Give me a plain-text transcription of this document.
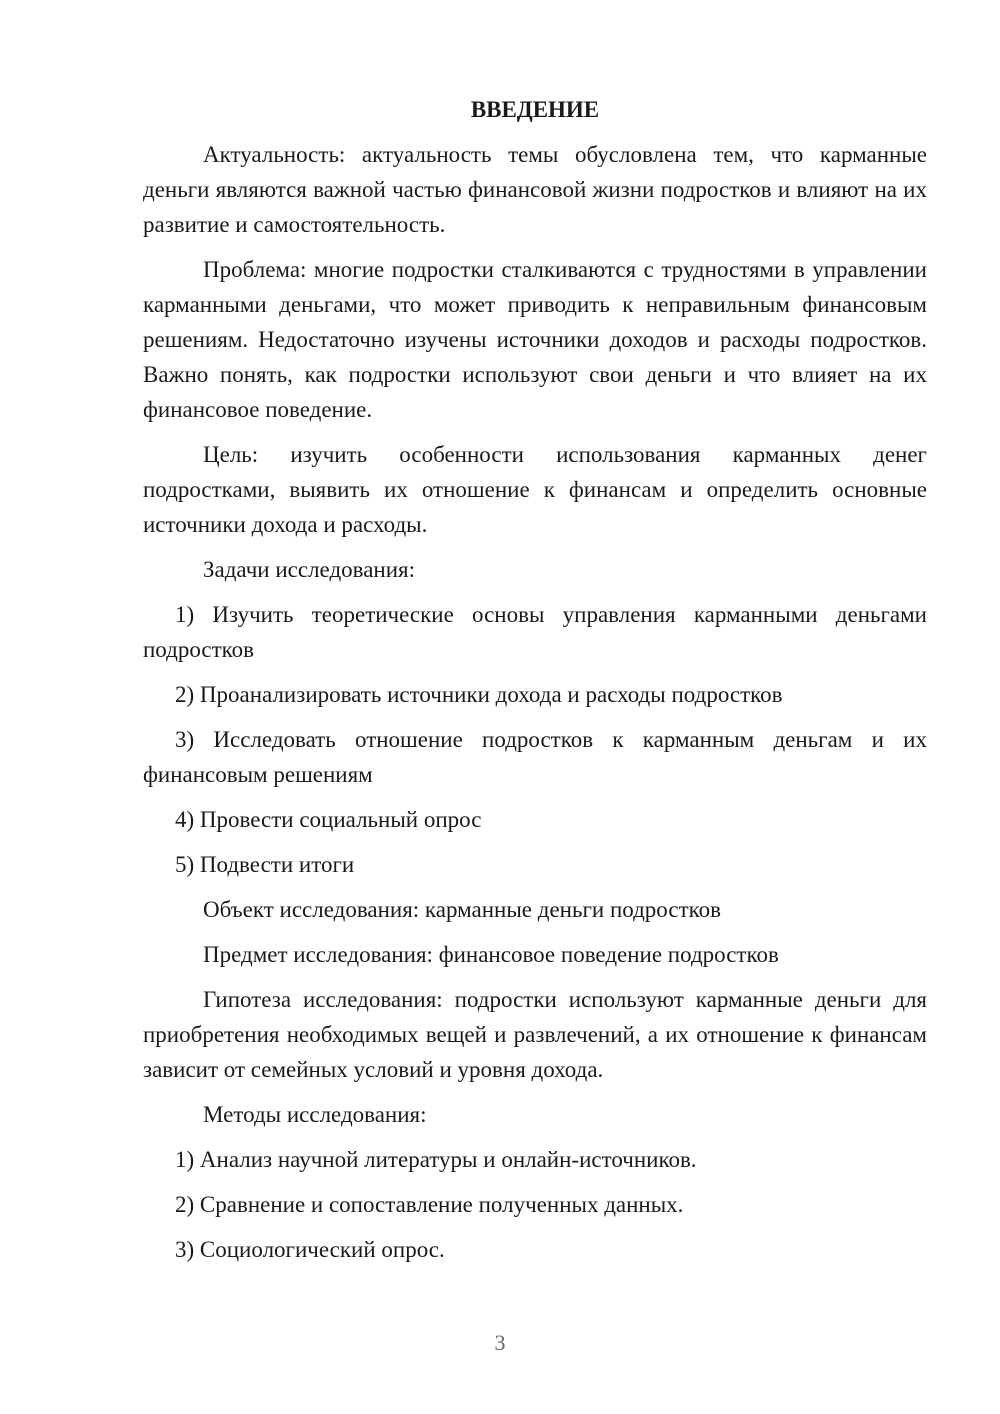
ВВЕДЕНИЕ

Актуальность: актуальность темы обусловлена тем, что карманные деньги являются важной частью финансовой жизни подростков и влияют на их развитие и самостоятельность.

Проблема: многие подростки сталкиваются с трудностями в управлении карманными деньгами, что может приводить к неправильным финансовым решениям. Недостаточно изучены источники доходов и расходы подростков. Важно понять, как подростки используют свои деньги и что влияет на их финансовое поведение.

Цель: изучить особенности использования карманных денег подростками, выявить их отношение к финансам и определить основные источники дохода и расходы.

Задачи исследования:

1) Изучить теоретические основы управления карманными деньгами подростков

2) Проанализировать источники дохода и расходы подростков

3) Исследовать отношение подростков к карманным деньгам и их финансовым решениям

4) Провести социальный опрос

5) Подвести итоги

Объект исследования: карманные деньги подростков

Предмет исследования: финансовое поведение подростков

Гипотеза исследования: подростки используют карманные деньги для приобретения необходимых вещей и развлечений, а их отношение к финансам зависит от семейных условий и уровня дохода.

Методы исследования:

1) Анализ научной литературы и онлайн-источников.

2) Сравнение и сопоставление полученных данных.

3) Социологический опрос.

3
